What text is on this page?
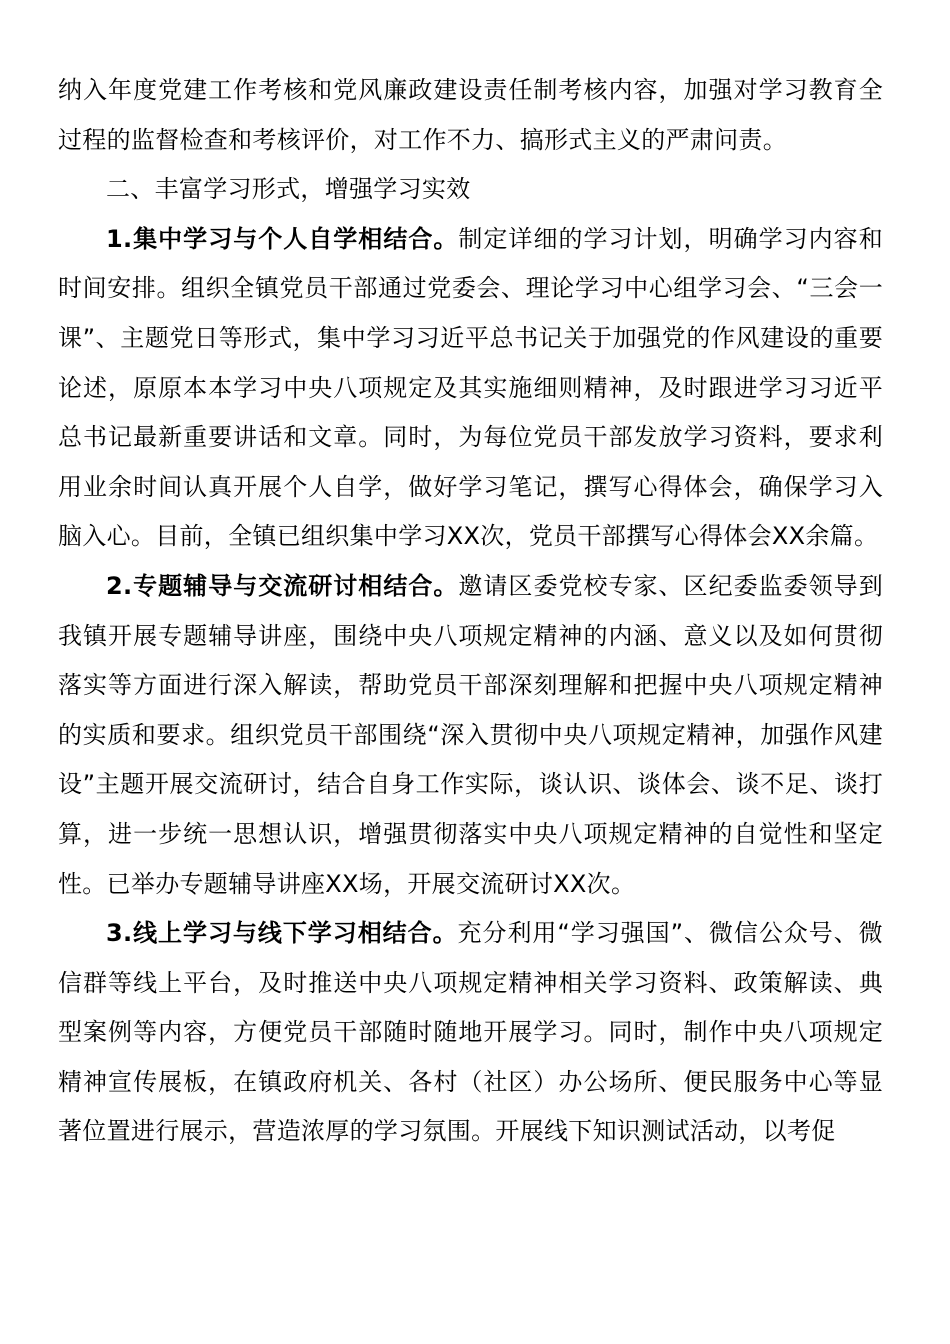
纳入年度党建工作考核和党风廉政建设责任制考核内容，加强对学习教育全过程的监督检查和考核评价，对工作不力、搞形式主义的严肃问责。

二、丰富学习形式，增强学习实效

1.集中学习与个人自学相结合。制定详细的学习计划，明确学习内容和时间安排。组织全镇党员干部通过党委会、理论学习中心组学习会、“三会一课”、主题党日等形式，集中学习习近平总书记关于加强党的作风建设的重要论述，原原本本学习中央八项规定及其实施细则精神，及时跟进学习习近平总书记最新重要讲话和文章。同时，为每位党员干部发放学习资料，要求利用业余时间认真开展个人自学，做好学习笔记，撰写心得体会，确保学习入脑入心。目前，全镇已组织集中学习XX次，党员干部撰写心得体会XX余篇。

2.专题辅导与交流研讨相结合。邀请区委党校专家、区纪委监委领导到我镇开展专题辅导讲座，围绕中央八项规定精神的内涵、意义以及如何贯彻落实等方面进行深入解读，帮助党员干部深刻理解和把握中央八项规定精神的实质和要求。组织党员干部围绕“深入贯彻中央八项规定精神，加强作风建设”主题开展交流研讨，结合自身工作实际，谈认识、谈体会、谈不足、谈打算，进一步统一思想认识，增强贯彻落实中央八项规定精神的自觉性和坚定性。已举办专题辅导讲座XX场，开展交流研讨XX次。

3.线上学习与线下学习相结合。充分利用“学习强国”、微信公众号、微信群等线上平台，及时推送中央八项规定精神相关学习资料、政策解读、典型案例等内容，方便党员干部随时随地开展学习。同时，制作中央八项规定精神宣传展板，在镇政府机关、各村（社区）办公场所、便民服务中心等显著位置进行展示，营造浓厚的学习氛围。开展线下知识测试活动，以考促
